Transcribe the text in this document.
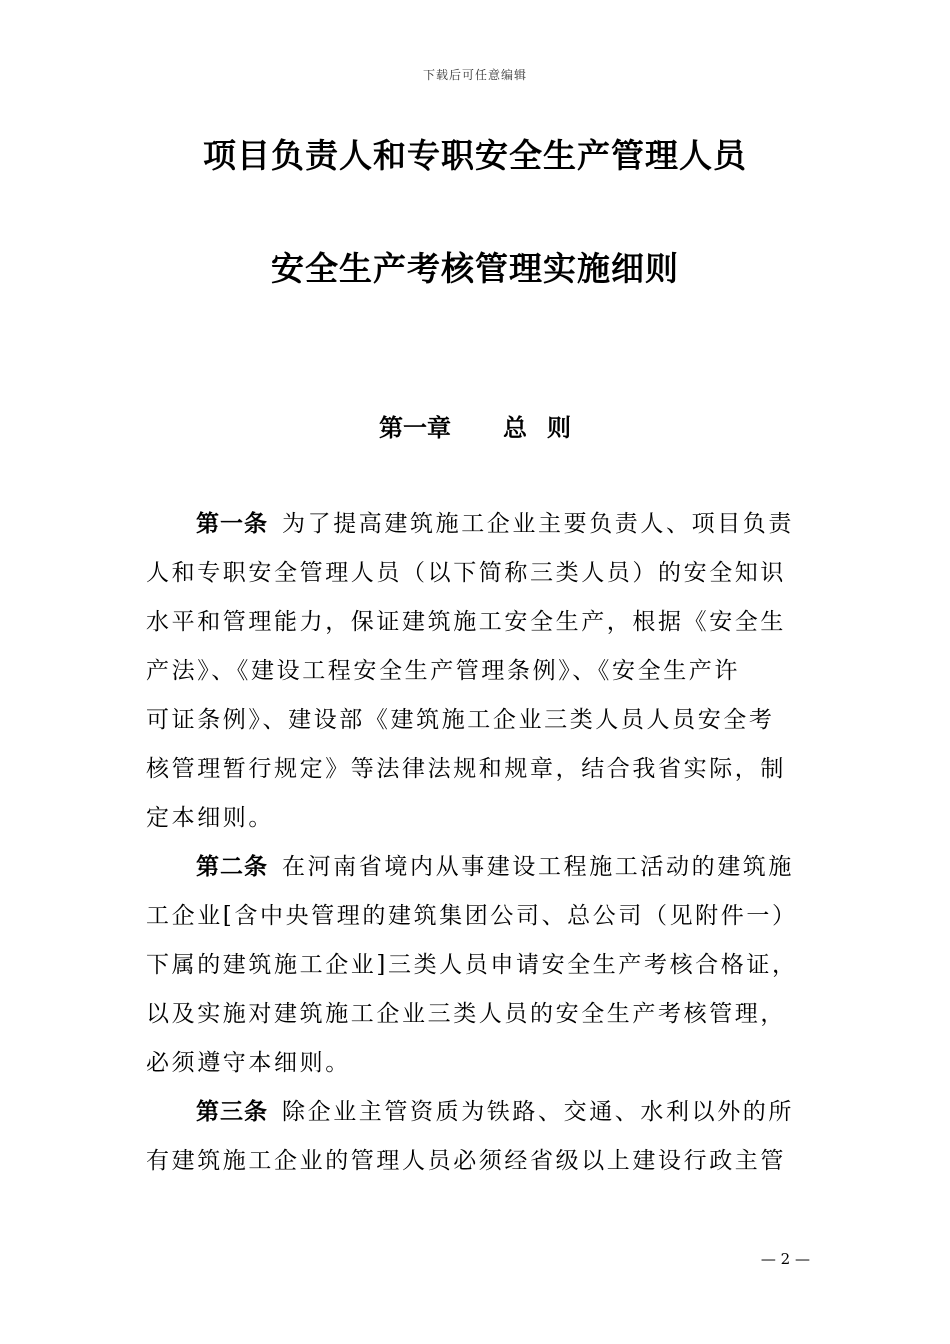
下载后可任意编辑
项目负责人和专职安全生产管理人员
安全生产考核管理实施细则
第一章 总 则
第一条 为了提高建筑施工企业主要负责人、项目负责
人和专职安全管理人员（以下简称三类人员）的安全知识
水平和管理能力，保证建筑施工安全生产，根据《安全生
产法》、《建设工程安全生产管理条例》、《安全生产许
可证条例》、建设部《建筑施工企业三类人员人员安全考
核管理暂行规定》等法律法规和规章，结合我省实际，制
定本细则。
第二条 在河南省境内从事建设工程施工活动的建筑施
工企业[含中央管理的建筑集团公司、总公司（见附件一）
下属的建筑施工企业]三类人员申请安全生产考核合格证，
以及实施对建筑施工企业三类人员的安全生产考核管理，
必须遵守本细则。
第三条 除企业主管资质为铁路、交通、水利以外的所
有建筑施工企业的管理人员必须经省级以上建设行政主管
— 2 —
